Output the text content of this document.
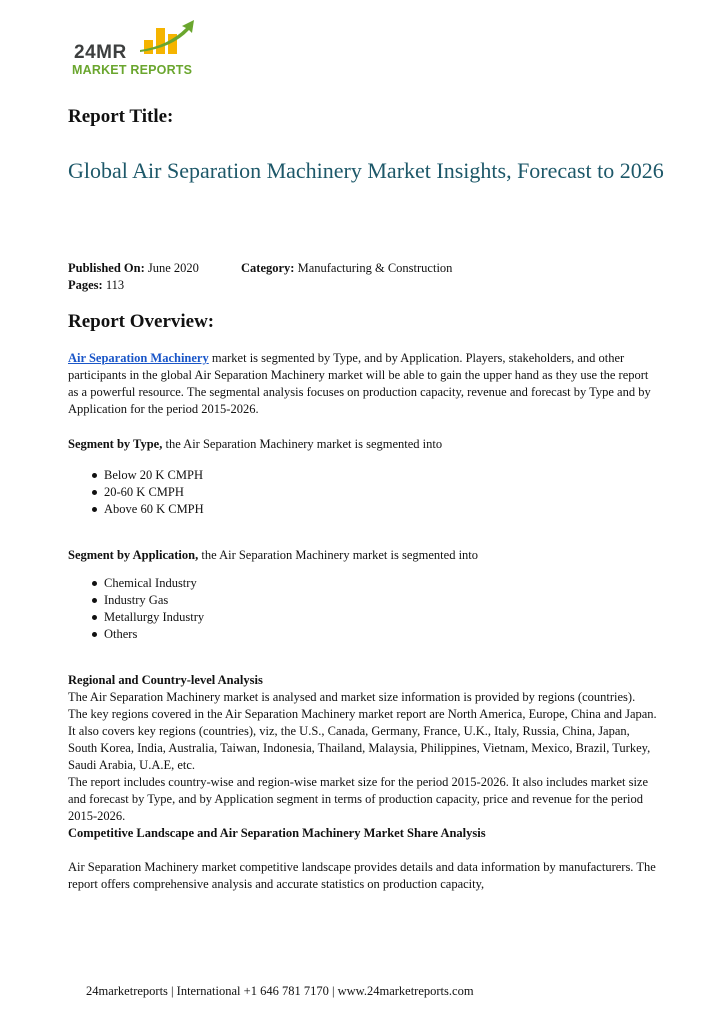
24MR
MARKET REPORTS
Report Title:
Global Air Separation Machinery Market Insights, Forecast to 2026
Published On: June 2020	Category: Manufacturing & Construction
Pages: 113
Report Overview:
Air Separation Machinery market is segmented by Type, and by Application. Players, stakeholders, and other participants in the global Air Separation Machinery market will be able to gain the upper hand as they use the report as a powerful resource. The segmental analysis focuses on production capacity, revenue and forecast by Type and by Application for the period 2015-2026.
Segment by Type, the Air Separation Machinery market is segmented into
Below 20 K CMPH
20-60 K CMPH
Above 60 K CMPH
Segment by Application, the Air Separation Machinery market is segmented into
Chemical Industry
Industry Gas
Metallurgy Industry
Others
Regional and Country-level Analysis
The Air Separation Machinery market is analysed and market size information is provided by regions (countries).
The key regions covered in the Air Separation Machinery market report are North America, Europe, China and Japan. It also covers key regions (countries), viz, the U.S., Canada, Germany, France, U.K., Italy, Russia, China, Japan, South Korea, India, Australia, Taiwan, Indonesia, Thailand, Malaysia, Philippines, Vietnam, Mexico, Brazil, Turkey, Saudi Arabia, U.A.E, etc.
The report includes country-wise and region-wise market size for the period 2015-2026. It also includes market size and forecast by Type, and by Application segment in terms of production capacity, price and revenue for the period 2015-2026.
Competitive Landscape and Air Separation Machinery Market Share Analysis
Air Separation Machinery market competitive landscape provides details and data information by manufacturers. The report offers comprehensive analysis and accurate statistics on production capacity,
24marketreports | International +1 646 781 7170 | www.24marketreports.com
